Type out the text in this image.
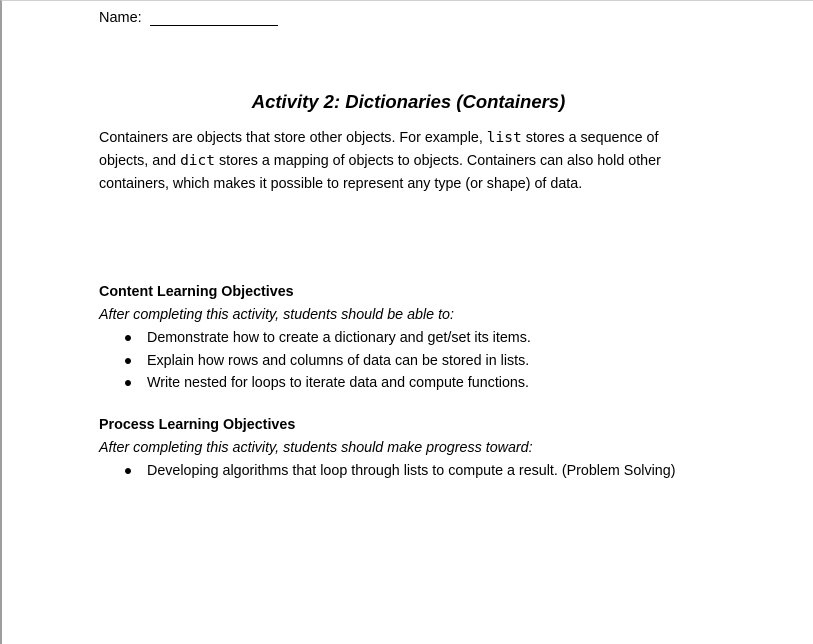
Name:
Activity 2: Dictionaries (Containers)
Containers are objects that store other objects. For example, list stores a sequence of objects, and dict stores a mapping of objects to objects. Containers can also hold other containers, which makes it possible to represent any type (or shape) of data.
Content Learning Objectives
After completing this activity, students should be able to:
Demonstrate how to create a dictionary and get/set its items.
Explain how rows and columns of data can be stored in lists.
Write nested for loops to iterate data and compute functions.
Process Learning Objectives
After completing this activity, students should make progress toward:
Developing algorithms that loop through lists to compute a result. (Problem Solving)
